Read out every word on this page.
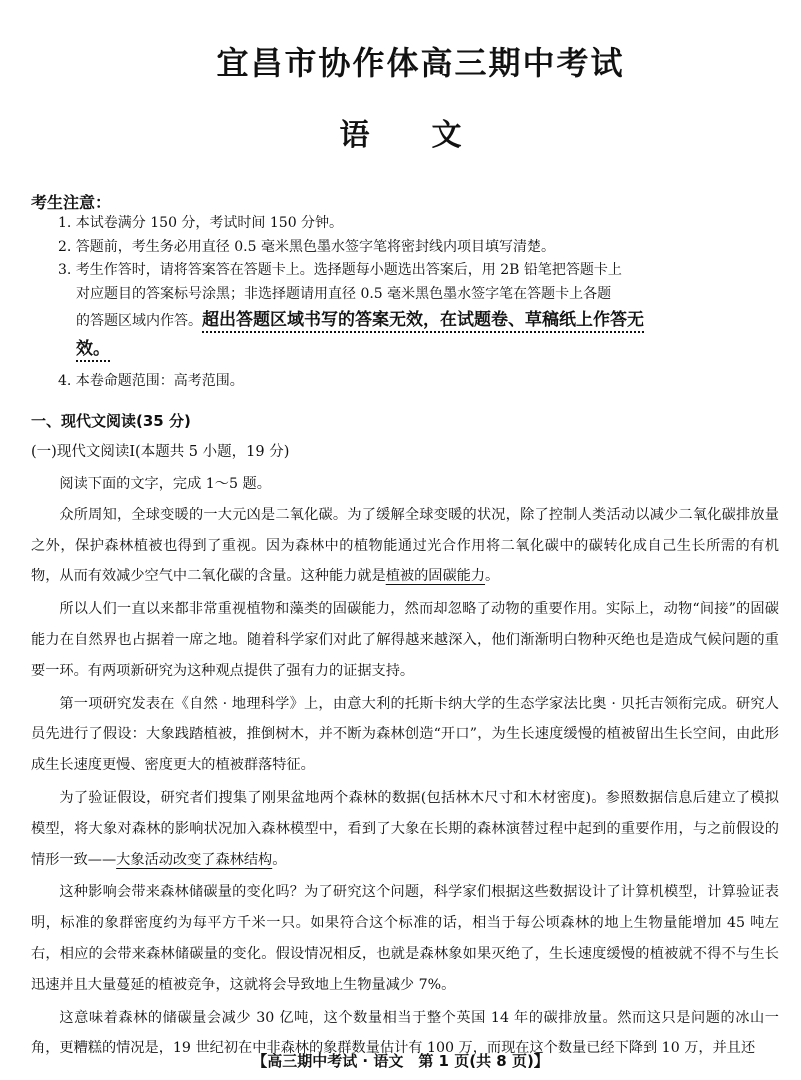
宜昌市协作体高三期中考试
语文
考生注意：
1. 本试卷满分 150 分，考试时间 150 分钟。
2. 答题前，考生务必用直径 0.5 毫米黑色墨水签字笔将密封线内项目填写清楚。
3. 考生作答时，请将答案答在答题卡上。选择题每小题选出答案后，用 2B 铅笔把答题卡上
对应题目的答案标号涂黑；非选择题请用直径 0.5 毫米黑色墨水签字笔在答题卡上各题
的答题区域内作答。超出答题区域书写的答案无效，在试题卷、草稿纸上作答无效。
4. 本卷命题范围：高考范围。
一、现代文阅读(35 分)
(一)现代文阅读Ⅰ(本题共 5 小题，19 分)

阅读下面的文字，完成 1～5 题。

众所周知，全球变暖的一大元凶是二氧化碳。为了缓解全球变暖的状况，除了控制人类活动以减少二氧化碳排放量之外，保护森林植被也得到了重视。因为森林中的植物能通过光合作用将二氧化碳中的碳转化成自己生长所需的有机物，从而有效减少空气中二氧化碳的含量。这种能力就是植被的固碳能力。

所以人们一直以来都非常重视植物和藻类的固碳能力，然而却忽略了动物的重要作用。实际上，动物“间接”的固碳能力在自然界也占据着一席之地。随着科学家们对此了解得越来越深入，他们渐渐明白物种灭绝也是造成气候问题的重要一环。有两项新研究为这种观点提供了强有力的证据支持。

第一项研究发表在《自然 · 地理科学》上，由意大利的托斯卡纳大学的生态学家法比奥 · 贝托吉领衔完成。研究人员先进行了假设：大象践踏植被，推倒树木，并不断为森林创造“开口”，为生长速度缓慢的植被留出生长空间，由此形成生长速度更慢、密度更大的植被群落特征。

为了验证假设，研究者们搜集了刚果盆地两个森林的数据(包括林木尺寸和木材密度)。参照数据信息后建立了模拟模型，将大象对森林的影响状况加入森林模型中，看到了大象在长期的森林演替过程中起到的重要作用，与之前假设的情形一致——大象活动改变了森林结构。

这种影响会带来森林储碳量的变化吗？为了研究这个问题，科学家们根据这些数据设计了计算机模型，计算验证表明，标准的象群密度约为每平方千米一只。如果符合这个标准的话，相当于每公顷森林的地上生物量能增加 45 吨左右，相应的会带来森林储碳量的变化。假设情况相反，也就是森林象如果灭绝了，生长速度缓慢的植被就不得不与生长迅速并且大量蔓延的植被竞争，这就将会导致地上生物量减少 7%。

这意味着森林的储碳量会减少 30 亿吨，这个数量相当于整个英国 14 年的碳排放量。然而这只是问题的冰山一角，更糟糕的情况是，19 世纪初在中非森林的象群数量估计有 100 万，而现在这个数量已经下降到 10 万，并且还

【高三期中考试 · 语文　第 1 页(共 8 页)】
